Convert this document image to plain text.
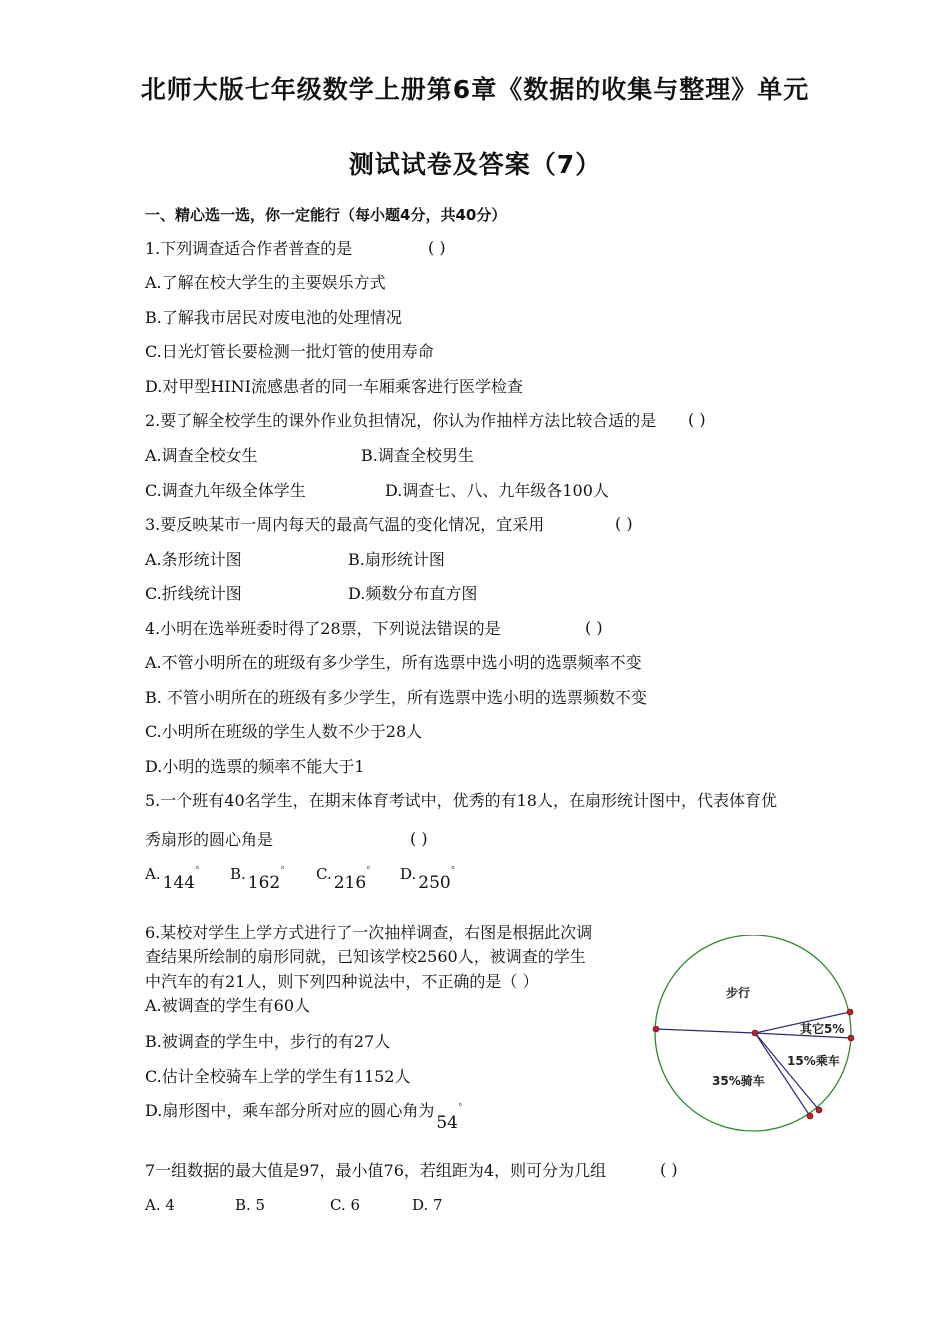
北师大版七年级数学上册第6章《数据的收集与整理》单元
测试试卷及答案（7）
一、精心选一选，你一定能行（每小题4分，共40分）
1.下列调查适合作者普查的是	( )
A.了解在校大学生的主要娱乐方式
B.了解我市居民对废电池的处理情况
C.日光灯管长要检测一批灯管的使用寿命
D.对甲型HINI流感患者的同一车厢乘客进行医学检查
2.要了解全校学生的课外作业负担情况，你认为作抽样方法比较合适的是 ( )
A.调查全校女生	B.调查全校男生
C.调查九年级全体学生	D.调查七、八、九年级各100人
3.要反映某市一周内每天的最高气温的变化情况，宜采用	( )
A.条形统计图	B.扇形统计图
C.折线统计图	D.频数分布直方图
4.小明在选举班委时得了28票，下列说法错误的是	( )
A.不管小明所在的班级有多少学生，所有选票中选小明的选票频率不变
B. 不管小明所在的班级有多少学生，所有选票中选小明的选票频数不变
C.小明所在班级的学生人数不少于28人
D.小明的选票的频率不能大于1
5.一个班有40名学生，在期末体育考试中，优秀的有18人，在扇形统计图中，代表体育优
秀扇形的圆心角是	( )
A. 144° B. 162° C. 216° D. 250°
6.某校对学生上学方式进行了一次抽样调查，右图是根据此次调
查结果所绘制的扇形同就，已知该学校2560人，被调查的学生
中汽车的有21人，则下列四种说法中，不正确的是（ ）
A.被调查的学生有60人
B.被调查的学生中，步行的有27人
C.估计全校骑车上学的学生有1152人
D.扇形图中，乘车部分所对应的圆心角为54°
步行
其它5%
15%乘车
35%骑车
7一组数据的最大值是97，最小值76，若组距为4，则可分为几组	( )
A. 4	B. 5	C. 6	D. 7
